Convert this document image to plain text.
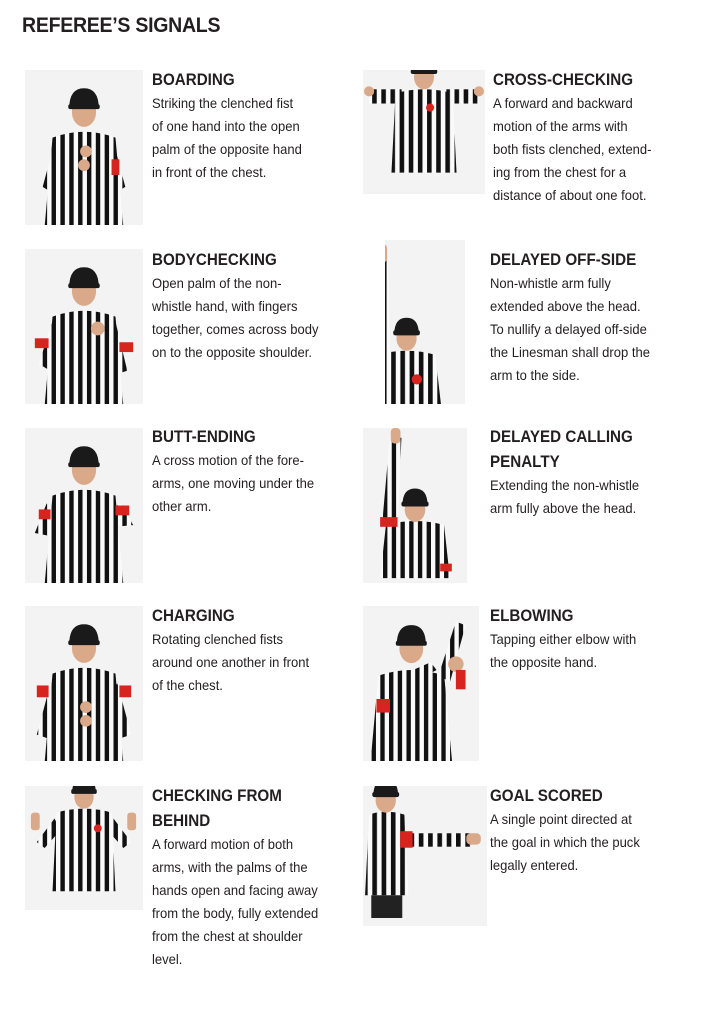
REFEREE’S SIGNALS
BOARDING
Striking the clenched fist
of one hand into the open
palm of the opposite hand
in front of the chest.
CROSS-CHECKING
A forward and backward
motion of the arms with
both fists clenched, extend-
ing from the chest for a
distance of about one foot.
BODYCHECKING
Open palm of the non-
whistle hand, with fingers
together, comes across body
on to the opposite shoulder.
DELAYED OFF-SIDE
Non-whistle arm fully
extended above the head.
To nullify a delayed off-side
the Linesman shall drop the
arm to the side.
BUTT-ENDING
A cross motion of the fore-
arms, one moving under the
other arm.
DELAYED CALLING
PENALTY
Extending the non-whistle
arm fully above the head.
CHARGING
Rotating clenched fists
around one another in front
of the chest.
ELBOWING
Tapping either elbow with
the opposite hand.
CHECKING FROM
BEHIND
A forward motion of both
arms, with the palms of the
hands open and facing away
from the body, fully extended
from the chest at shoulder
level.
GOAL SCORED
A single point directed at
the goal in which the puck
legally entered.
